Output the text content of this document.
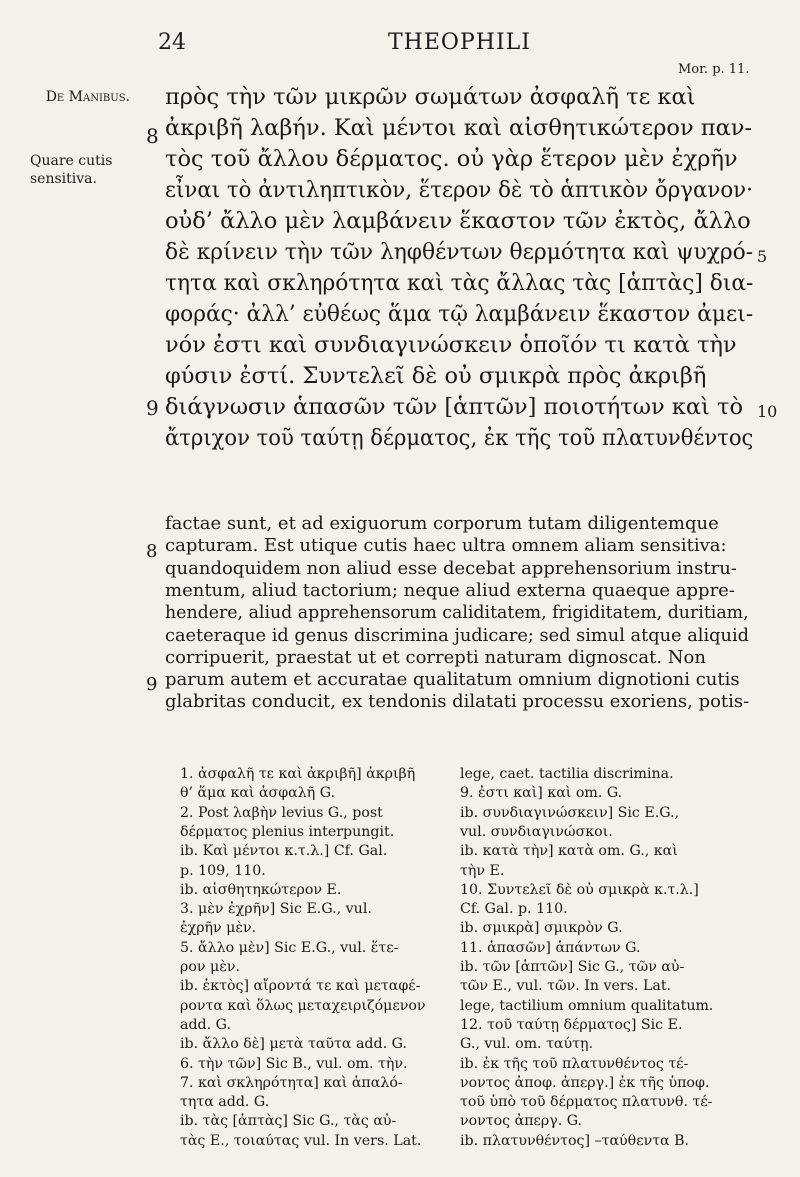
24	THEOPHILI
Mor. p. 11.
De Manibus.
Quare cutis sensitiva.
πρὸς τὴν τῶν μικρῶν σωμάτων ἀσφαλῆ τε καὶ
ἀκριβῆ λαβήν. Καὶ μέντοι καὶ αἰσθητικώτερον παν-
τὸς τοῦ ἄλλου δέρματος. οὐ γὰρ ἕτερον μὲν ἐχρῆν
εἶναι τὸ ἀντιληπτικὸν, ἕτερον δὲ τὸ ἁπτικὸν ὄργανον·
οὐδ’ ἄλλο μὲν λαμβάνειν ἕκαστον τῶν ἐκτὸς, ἄλλο
δὲ κρίνειν τὴν τῶν ληφθέντων θερμότητα καὶ ψυχρό-
τητα καὶ σκληρότητα καὶ τὰς ἄλλας τὰς [ἁπτὰς] δια-
φοράς· ἀλλ’ εὐθέως ἅμα τῷ λαμβάνειν ἕκαστον ἀμει-
νόν ἐστι καὶ συνδιαγινώσκειν ὁποῖόν τι κατὰ τὴν
φύσιν ἐστί. Συντελεῖ δὲ οὐ σμικρὰ πρὸς ἀκριβῆ
διάγνωσιν ἁπασῶν τῶν [ἁπτῶν] ποιοτήτων καὶ τὸ
ἄτριχον τοῦ ταύτῃ δέρματος, ἐκ τῆς τοῦ πλατυνθέντος
8
9
5
10
factae sunt, et ad exiguorum corporum tutam diligentemque
capturam. Est utique cutis haec ultra omnem aliam sensitiva:
quandoquidem non aliud esse decebat apprehensorium instru-
mentum, aliud tactorium; neque aliud externa quaeque appre-
hendere, aliud apprehensorum caliditatem, frigiditatem, duritiam,
caeteraque id genus discrimina judicare; sed simul atque aliquid
corripuerit, praestat ut et correpti naturam dignoscat. Non
parum autem et accuratae qualitatum omnium dignotioni cutis
glabritas conducit, ex tendonis dilatati processu exoriens, potis-
8
9
1. ἀσφαλῆ τε καὶ ἀκριβῆ] ἀκριβῆ
θ’ ἅμα καὶ ἀσφαλῆ G.
2. Post λαβὴν levius G., post
δέρματος plenius interpungit.
ib. Καὶ μέντοι κ.τ.λ.] Cf. Gal.
p. 109, 110.
ib. αἰσθητηκώτερον E.
3. μὲν ἐχρῆν] Sic E.G., vul.
ἐχρῆν μὲν.
5. ἄλλο μὲν] Sic E.G., vul. ἕτε-
ρον μὲν.
ib. ἐκτὸς] αἴροντά τε καὶ μεταφέ-
ροντα καὶ ὅλως μεταχειριζόμενον
add. G.
ib. ἄλλο δὲ] μετὰ ταῦτα add. G.
6. τὴν τῶν] Sic B., vul. om. τὴν.
7. καὶ σκληρότητα] καὶ ἁπαλό-
τητα add. G.
ib. τὰς [ἁπτὰς] Sic G., τὰς αὐ-
τὰς E., τοιαύτας vul. In vers. Lat.
lege, caet. tactilia discrimina.
9. ἐστι καὶ] καὶ om. G.
ib. συνδιαγινώσκειν] Sic E.G.,
vul. συνδιαγινώσκοι.
ib. κατὰ τὴν] κατὰ om. G., καὶ
τὴν E.
10. Συντελεῖ δὲ οὐ σμικρὰ κ.τ.λ.]
Cf. Gal. p. 110.
ib. σμικρὰ] σμικρὸν G.
11. ἁπασῶν] ἁπάντων G.
ib. τῶν [ἁπτῶν] Sic G., τῶν αὐ-
τῶν E., vul. τῶν. In vers. Lat.
lege, tactilium omnium qualitatum.
12. τοῦ ταύτῃ δέρματος] Sic E.
G., vul. om. ταύτῃ.
ib. ἐκ τῆς τοῦ πλατυνθέντος τέ-
νοντος ἀποφ. ἀπεργ.] ἐκ τῆς ὑποφ.
τοῦ ὑπὸ τοῦ δέρματος πλατυνθ. τέ-
νοντος ἀπεργ. G.
ib. πλατυνθέντος] –ταύθεντα B.
